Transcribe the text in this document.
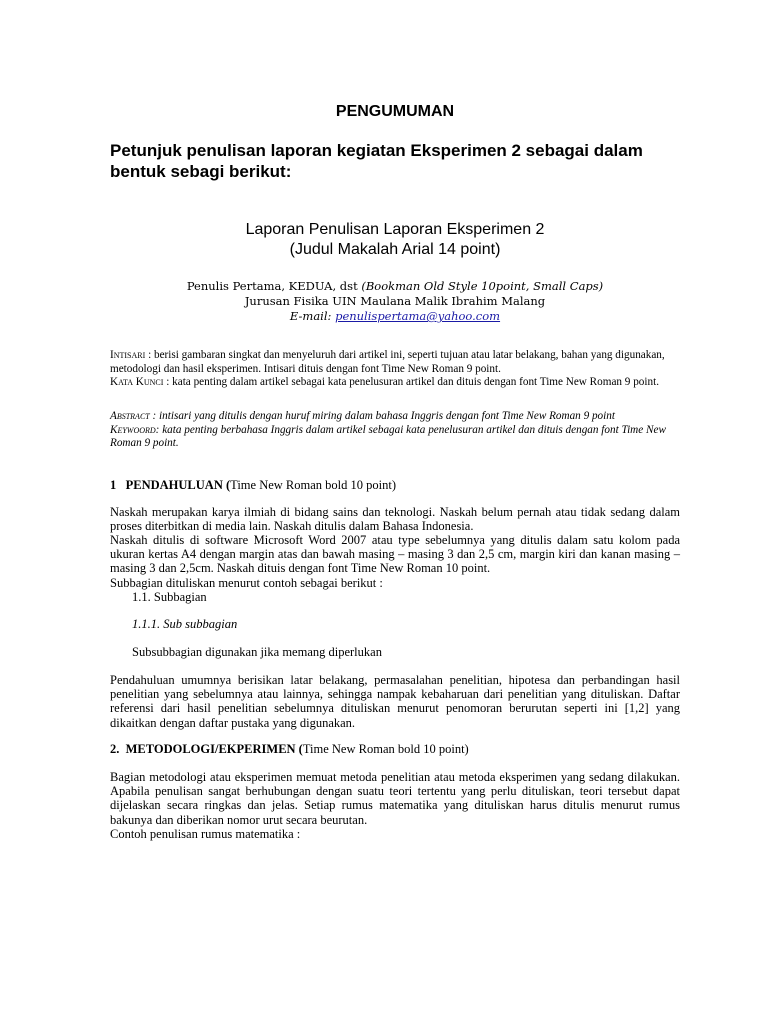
PENGUMUMAN

Petunjuk penulisan laporan kegiatan Eksperimen 2 sebagai dalam bentuk sebagi berikut:

Laporan Penulisan Laporan Eksperimen 2

(Judul Makalah Arial 14 point)

Penulis Pertama, KEDUA, dst (Bookman Old Style 10point, Small Caps)

Jurusan Fisika UIN Maulana Malik Ibrahim Malang

E-mail: penulispertama@yahoo.com

Intisari : berisi gambaran singkat dan menyeluruh dari artikel ini, seperti tujuan atau latar belakang, bahan yang digunakan, metodologi dan hasil eksperimen. Intisari dituis dengan font Time New Roman 9 point.
Kata Kunci : kata penting dalam artikel sebagai kata penelusuran artikel dan dituis dengan font Time New Roman 9 point.
Abstract : intisari yang ditulis dengan huruf miring dalam bahasa Inggris dengan font Time New Roman 9 point
Keywoord: kata penting berbahasa Inggris dalam artikel sebagai kata penelusuran artikel dan dituis dengan font Time New Roman 9 point.

1 PENDAHULUAN (Time New Roman bold 10 point)

Naskah merupakan karya ilmiah di bidang sains dan teknologi. Naskah belum pernah atau tidak sedang dalam proses diterbitkan di media lain. Naskah ditulis dalam Bahasa Indonesia.

Naskah ditulis di software Microsoft Word 2007 atau type sebelumnya yang ditulis dalam satu kolom pada ukuran kertas A4 dengan margin atas dan bawah masing – masing 3 dan 2,5 cm, margin kiri dan kanan masing – masing 3 dan 2,5cm. Naskah dituis dengan font Time New Roman 10 point.

Subbagian dituliskan menurut contoh sebagai berikut :

1.1. Subbagian

1.1.1. Sub subbagian

Subsubbagian digunakan jika memang diperlukan

Pendahuluan umumnya berisikan latar belakang, permasalahan penelitian, hipotesa dan perbandingan hasil penelitian yang sebelumnya atau lainnya, sehingga nampak kebaharuan dari penelitian yang dituliskan. Daftar referensi dari hasil penelitian sebelumnya dituliskan menurut penomoran berurutan seperti ini [1,2] yang dikaitkan dengan daftar pustaka yang digunakan.

2. METODOLOGI/EKPERIMEN (Time New Roman bold 10 point)

Bagian metodologi atau eksperimen memuat metoda penelitian atau metoda eksperimen yang sedang dilakukan. Apabila penulisan sangat berhubungan dengan suatu teori tertentu yang perlu dituliskan, teori tersebut dapat dijelaskan secara ringkas dan jelas. Setiap rumus matematika yang dituliskan harus ditulis menurut rumus bakunya dan diberikan nomor urut secara beurutan.

Contoh penulisan rumus matematika :
